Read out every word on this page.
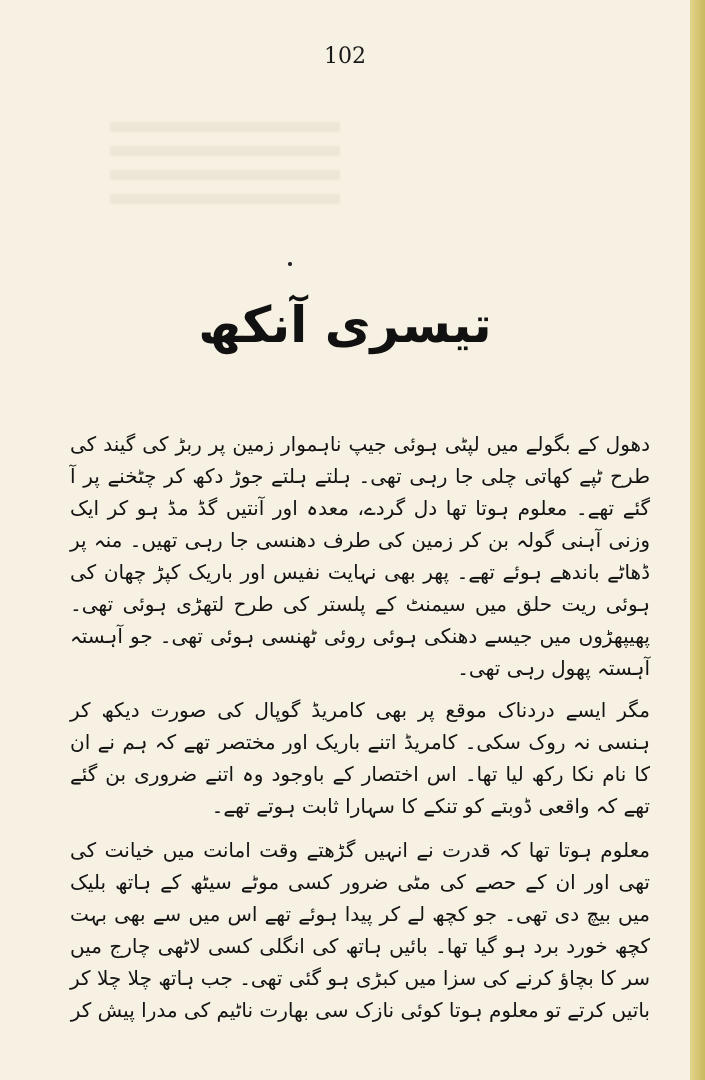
102
تیسری آنکھ

دھول کے بگولے میں لپٹی ہوئی جیپ ناہموار زمین پر ربڑ کی گیند کی طرح ٹپے کھاتی چلی جا رہی تھی۔ ہلتے ہلتے جوڑ دکھ کر چٹخنے پر آ گئے تھے۔ معلوم ہوتا تھا دل گردے، معدہ اور آنتیں گڈ مڈ ہو کر ایک وزنی آہنی گولہ بن کر زمین کی طرف دھنسی جا رہی تھیں۔ منہ پر ڈھاٹے باندھے ہوئے تھے۔ پھر بھی نہایت نفیس اور باریک کپڑ چھان کی ہوئی ریت حلق میں سیمنٹ کے پلستر کی طرح لتھڑی ہوئی تھی۔ پھیپھڑوں میں جیسے دھنکی ہوئی روئی ٹھنسی ہوئی تھی۔ جو آہستہ آہستہ پھول رہی تھی۔

مگر ایسے دردناک موقع پر بھی کامریڈ گوپال کی صورت دیکھ کر ہنسی نہ روک سکی۔ کامریڈ اتنے باریک اور مختصر تھے کہ ہم نے ان کا نام نکا رکھ لیا تھا۔ اس اختصار کے باوجود وہ اتنے ضروری بن گئے تھے کہ واقعی ڈوبتے کو تنکے کا سہارا ثابت ہوتے تھے۔

معلوم ہوتا تھا کہ قدرت نے انہیں گڑھتے وقت امانت میں خیانت کی تھی اور ان کے حصے کی مٹی ضرور کسی موٹے سیٹھ کے ہاتھ بلیک میں بیچ دی تھی۔ جو کچھ لے کر پیدا ہوئے تھے اس میں سے بھی بہت کچھ خورد برد ہو گیا تھا۔ بائیں ہاتھ کی انگلی کسی لاٹھی چارج میں سر کا بچاؤ کرنے کی سزا میں کبڑی ہو گئی تھی۔ جب ہاتھ چلا چلا کر باتیں کرتے تو معلوم ہوتا کوئی نازک سی بھارت ناٹیم کی مدرا پیش کر
